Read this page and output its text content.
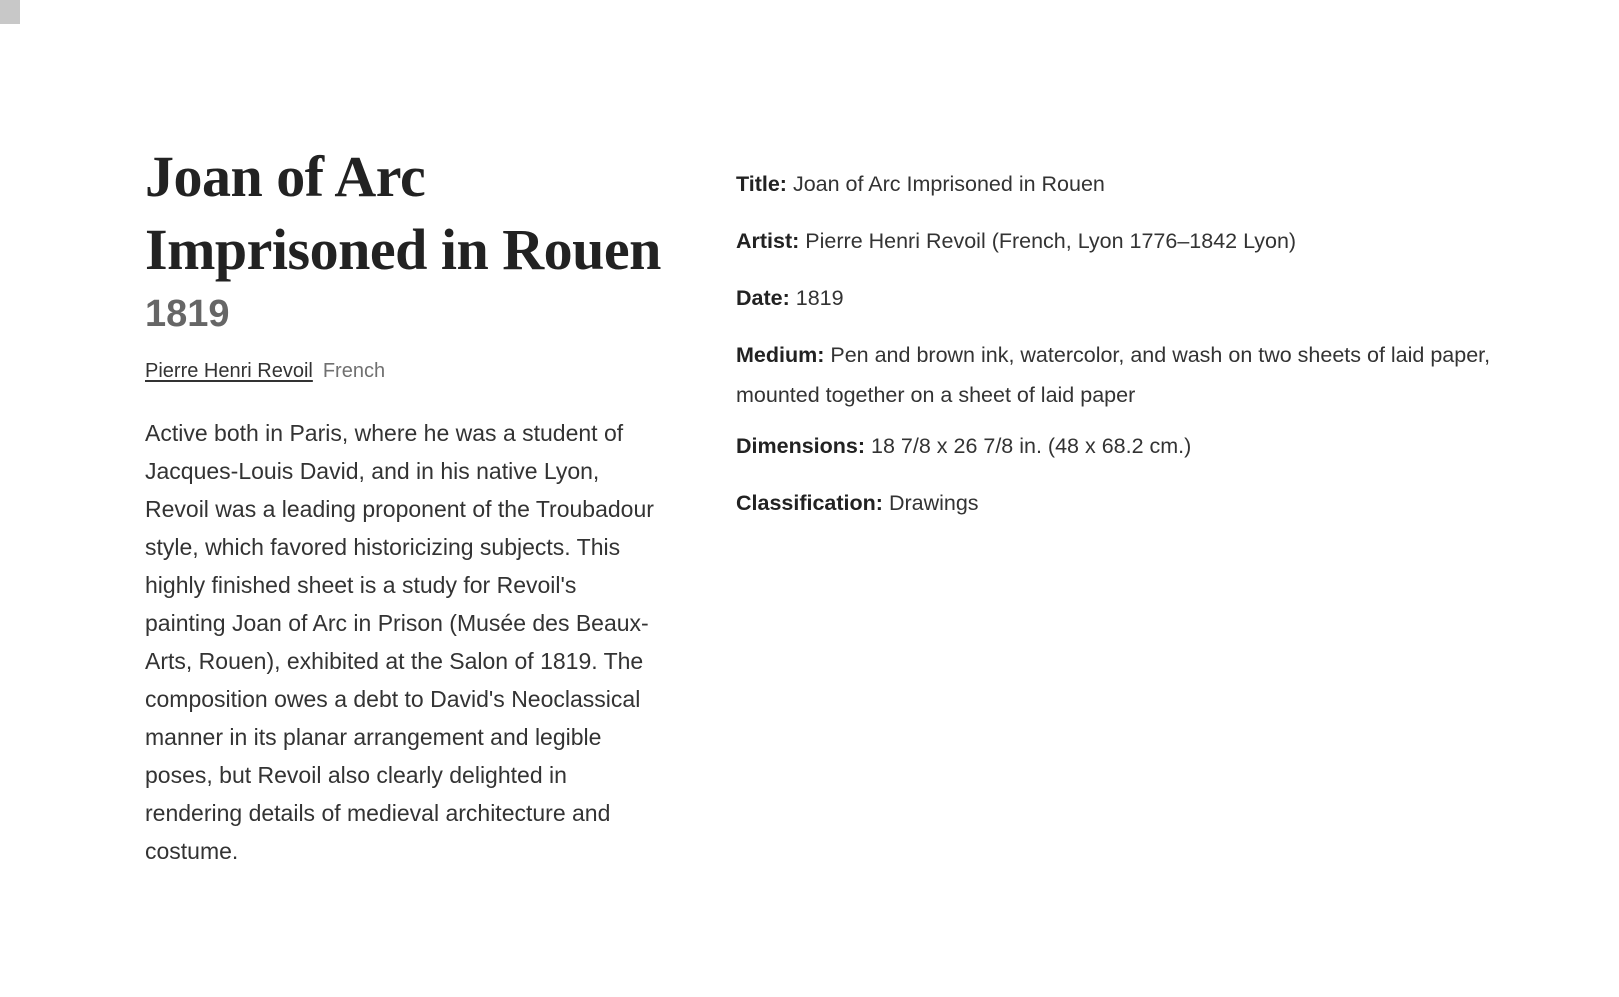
Joan of Arc Imprisoned in Rouen
1819
Pierre Henri Revoil French
Active both in Paris, where he was a student of Jacques-Louis David, and in his native Lyon, Revoil was a leading proponent of the Troubadour style, which favored historicizing subjects. This highly finished sheet is a study for Revoil's painting Joan of Arc in Prison (Musée des Beaux-Arts, Rouen), exhibited at the Salon of 1819. The composition owes a debt to David's Neoclassical manner in its planar arrangement and legible poses, but Revoil also clearly delighted in rendering details of medieval architecture and costume.
Title: Joan of Arc Imprisoned in Rouen
Artist: Pierre Henri Revoil (French, Lyon 1776–1842 Lyon)
Date: 1819
Medium: Pen and brown ink, watercolor, and wash on two sheets of laid paper, mounted together on a sheet of laid paper
Dimensions: 18 7/8 x 26 7/8 in. (48 x 68.2 cm.)
Classification: Drawings
